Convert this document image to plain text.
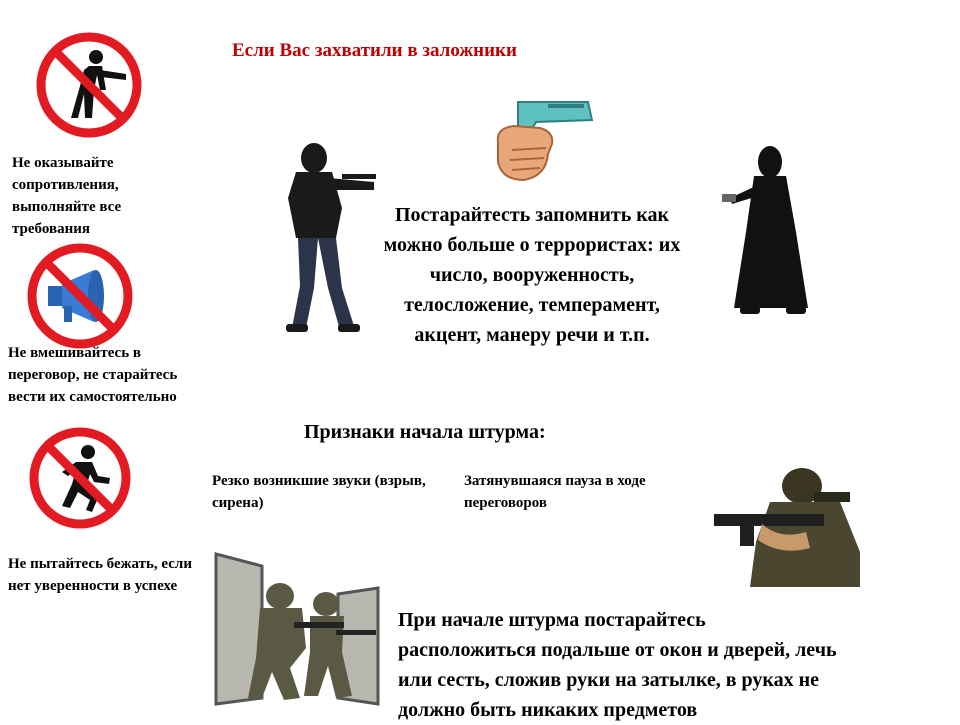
Если Вас захватили в заложники
Не оказывайте сопротивления, выполняйте все требования
Не вмешивайтесь в переговор, не старайтесь вести их самостоятельно
Не пытайтесь бежать, если нет уверенности в успехе
Постарайтесть запомнить как можно больше о террористах: их число, вооруженность, телосложение, темперамент, акцент, манеру речи и т.п.
Признаки начала штурма:
Резко возникшие звуки (взрыв, сирена)
Затянувшаяся пауза в ходе переговоров
При начале штурма постарайтесь расположиться подальше от окон и дверей, лечь или сесть, сложив руки на затылке, в руках не должно быть никаких предметов
